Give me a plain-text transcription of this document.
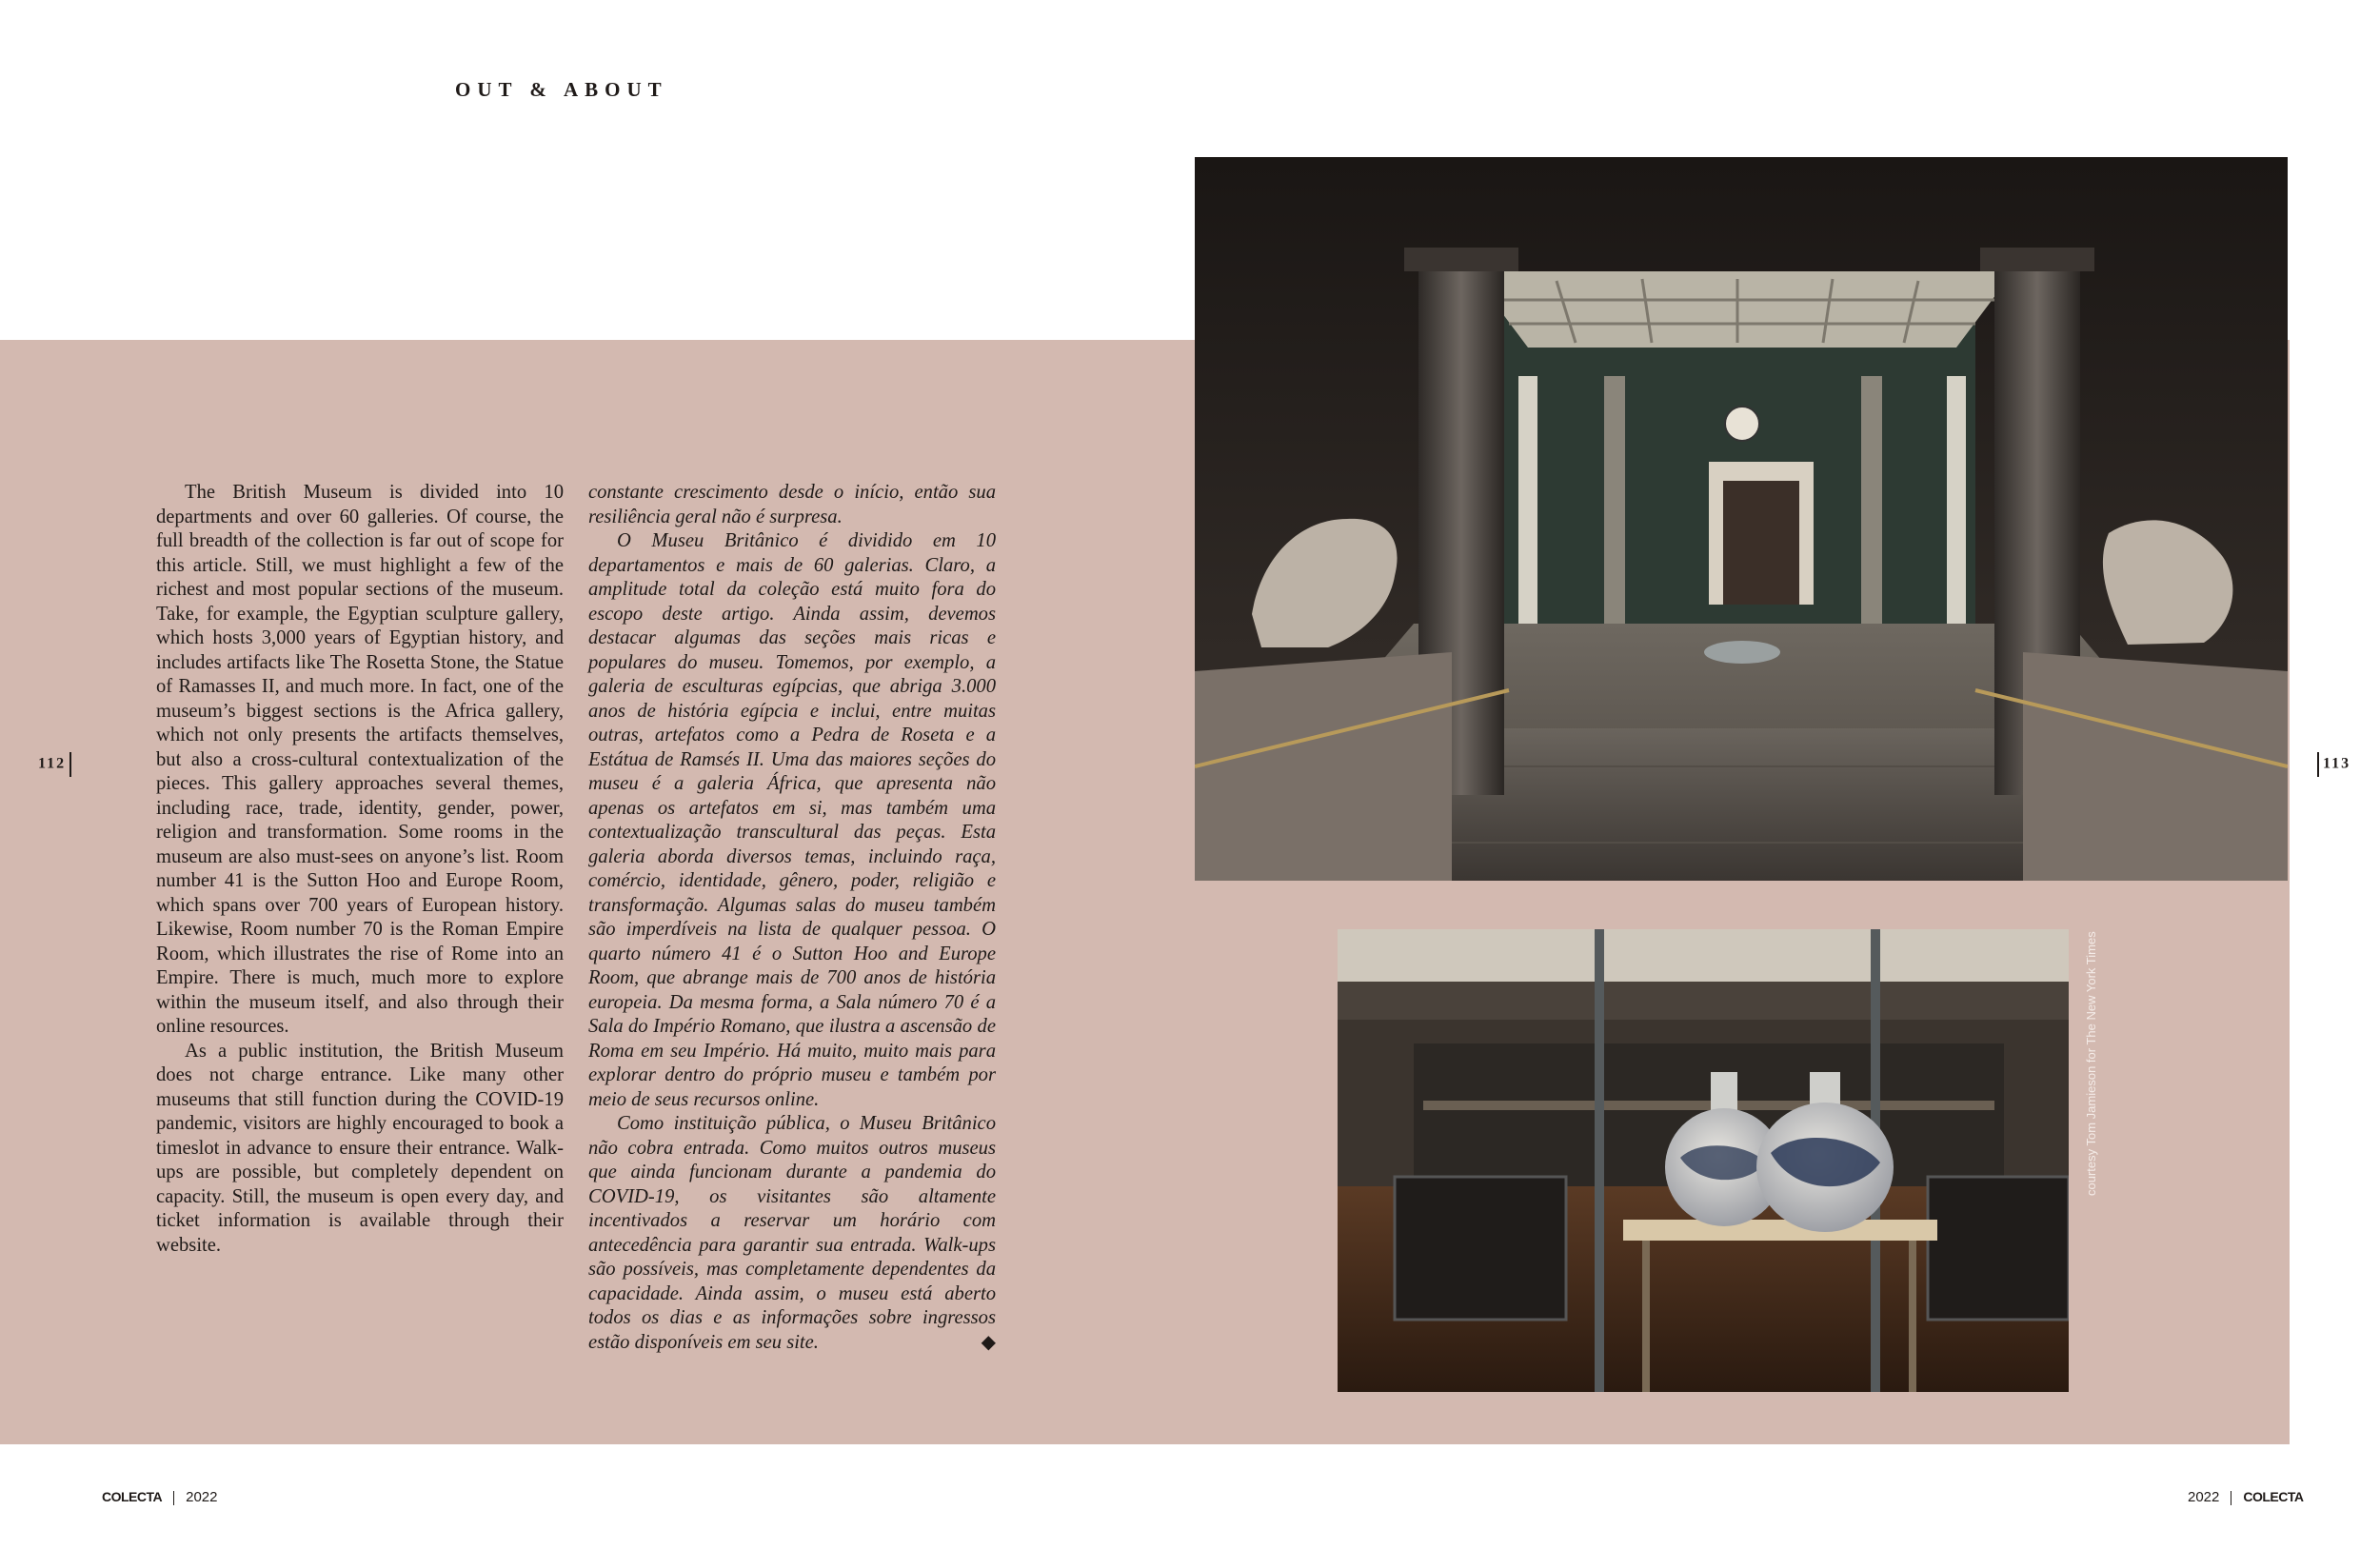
OUT & ABOUT
112	113

The British Museum is divided into 10 departments and over 60 galleries. Of course, the full breadth of the collection is far out of scope for this article. Still, we must highlight a few of the richest and most popular sections of the museum. Take, for example, the Egyptian sculpture gallery, which hosts 3,000 years of Egyptian history, and includes artifacts like The Rosetta Stone, the Statue of Ramasses II, and much more. In fact, one of the museum’s biggest sections is the Africa gallery, which not only presents the artifacts themselves, but also a cross-cultural contextualization of the pieces. This gallery approaches several themes, including race, trade, identity, gender, power, religion and transformation. Some rooms in the museum are also must-sees on anyone’s list. Room number 41 is the Sutton Hoo and Europe Room, which spans over 700 years of European history. Likewise, Room number 70 is the Roman Empire Room, which illustrates the rise of Rome into an Empire. There is much, much more to explore within the museum itself, and also through their online resources.

As a public institution, the British Museum does not charge entrance. Like many other museums that still function during the COVID-19 pandemic, visitors are highly encouraged to book a timeslot in advance to ensure their entrance. Walk-ups are possible, but completely dependent on capacity. Still, the museum is open every day, and ticket information is available through their website.

constante crescimento desde o início, então sua resiliência geral não é surpresa.

O Museu Britânico é dividido em 10 departamentos e mais de 60 galerias. Claro, a amplitude total da coleção está muito fora do escopo deste artigo. Ainda assim, devemos destacar algumas das seções mais ricas e populares do museu. Tomemos, por exemplo, a galeria de esculturas egípcias, que abriga 3.000 anos de história egípcia e inclui, entre muitas outras, artefatos como a Pedra de Roseta e a Estátua de Ramsés II. Uma das maiores seções do museu é a galeria África, que apresenta não apenas os artefatos em si, mas também uma contextualização transcultural das peças. Esta galeria aborda diversos temas, incluindo raça, comércio, identidade, gênero, poder, religião e transformação. Algumas salas do museu também são imperdíveis na lista de qualquer pessoa. O quarto número 41 é o Sutton Hoo and Europe Room, que abrange mais de 700 anos de história europeia. Da mesma forma, a Sala número 70 é a Sala do Império Romano, que ilustra a ascensão de Roma em seu Império. Há muito, muito mais para explorar dentro do próprio museu e também por meio de seus recursos online.

Como instituição pública, o Museu Britânico não cobra entrada. Como muitos outros museus que ainda funcionam durante a pandemia do COVID-19, os visitantes são altamente incentivados a reservar um horário com antecedência para garantir sua entrada. Walk-ups são possíveis, mas completamente dependentes da capacidade. Ainda assim, o museu está aberto todos os dias e as informações sobre ingressos estão disponíveis em seu site.	◆

courtesy Tom Jamieson for The New York Times
COLECTA 2022	2022 COLECTA
